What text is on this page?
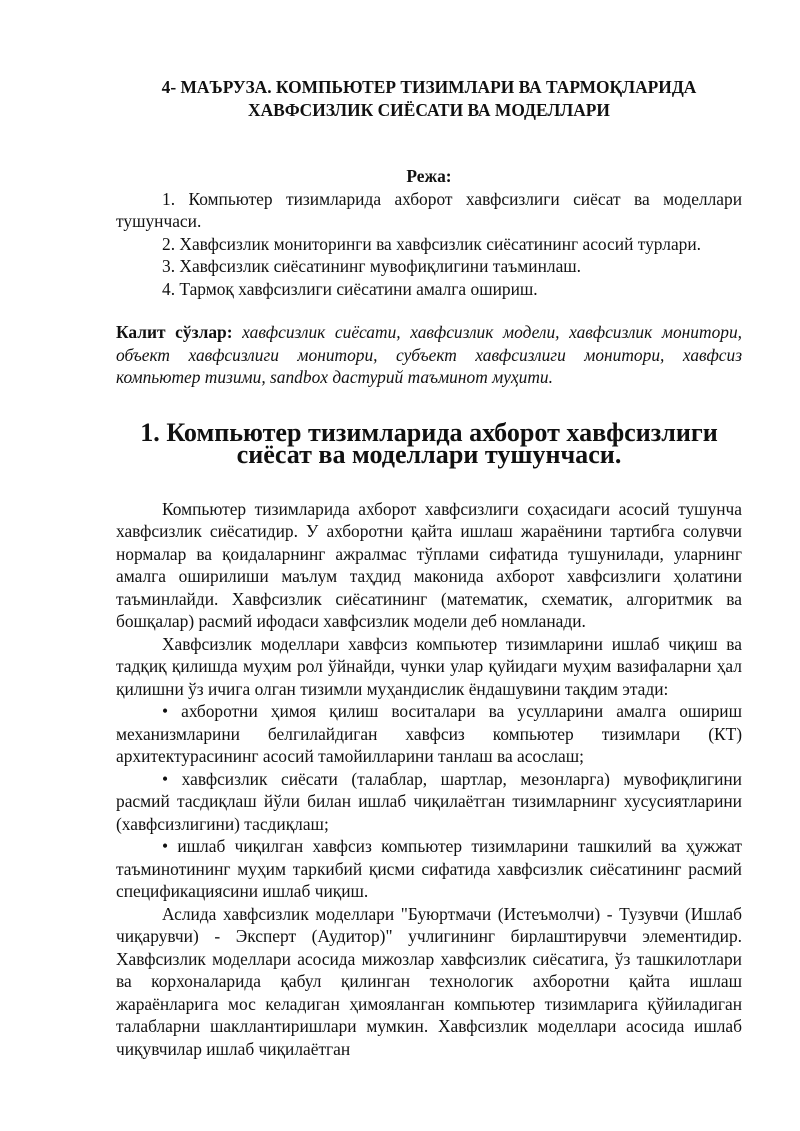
4- МАЪРУЗА. КОМПЬЮТЕР ТИЗИМЛАРИ ВА ТАРМОҚЛАРИДА ХАВФСИЗЛИК СИЁСАТИ ВА МОДЕЛЛАРИ
Режа:
1. Компьютер тизимларида ахборот хавфсизлиги сиёсат ва моделлари тушунчаси.
2. Хавфсизлик мониторинги ва хавфсизлик сиёсатининг асосий турлари.
3. Хавфсизлик сиёсатининг мувофиқлигини таъминлаш.
4. Тармоқ хавфсизлиги сиёсатини амалга ошириш.

Калит сўзлар: хавфсизлик сиёсати, хавфсизлик модели, хавфсизлик монитори, объект хавфсизлиги монитори, субъект хавфсизлиги монитори, хавфсиз компьютер тизими, sandbox дастурий таъминот муҳити.

1. Компьютер тизимларида ахборот хавфсизлиги сиёсат ва моделлари тушунчаси.

Компьютер тизимларида ахборот хавфсизлиги соҳасидаги асосий тушунча хавфсизлик сиёсатидир. У ахборотни қайта ишлаш жараёнини тартибга солувчи нормалар ва қоидаларнинг ажралмас тўплами сифатида тушунилади, уларнинг амалга оширилиши маълум таҳдид маконида ахборот хавфсизлиги ҳолатини таъминлайди. Хавфсизлик сиёсатининг (математик, схематик, алгоритмик ва бошқалар) расмий ифодаси хавфсизлик модели деб номланади.

Хавфсизлик моделлари хавфсиз компьютер тизимларини ишлаб чиқиш ва тадқиқ қилишда муҳим рол ўйнайди, чунки улар қуйидаги муҳим вазифаларни ҳал қилишни ўз ичига олган тизимли муҳандислик ёндашувини тақдим этади:

• ахборотни ҳимоя қилиш воситалари ва усулларини амалга ошириш механизмларини белгилайдиган хавфсиз компьютер тизимлари (КТ) архитектурасининг асосий тамойилларини танлаш ва асослаш;

• хавфсизлик сиёсати (талаблар, шартлар, мезонларга) мувофиқлигини расмий тасдиқлаш йўли билан ишлаб чиқилаётган тизимларнинг хусусиятларини (хавфсизлигини) тасдиқлаш;

• ишлаб чиқилган хавфсиз компьютер тизимларини ташкилий ва ҳужжат таъминотининг муҳим таркибий қисми сифатида хавфсизлик сиёсатининг расмий спецификациясини ишлаб чиқиш.

Аслида хавфсизлик моделлари "Буюртмачи (Истеъмолчи) - Тузувчи (Ишлаб чиқарувчи) - Эксперт (Аудитор)" учлигининг бирлаштирувчи элементидир. Хавфсизлик моделлари асосида мижозлар хавфсизлик сиёсатига, ўз ташкилотлари ва корхоналарида қабул қилинган технологик ахборотни қайта ишлаш жараёнларига мос келадиган ҳимояланган компьютер тизимларига қўйиладиган талабларни шакллантиришлари мумкин. Хавфсизлик моделлари асосида ишлаб чиқувчилар ишлаб чиқилаётган
